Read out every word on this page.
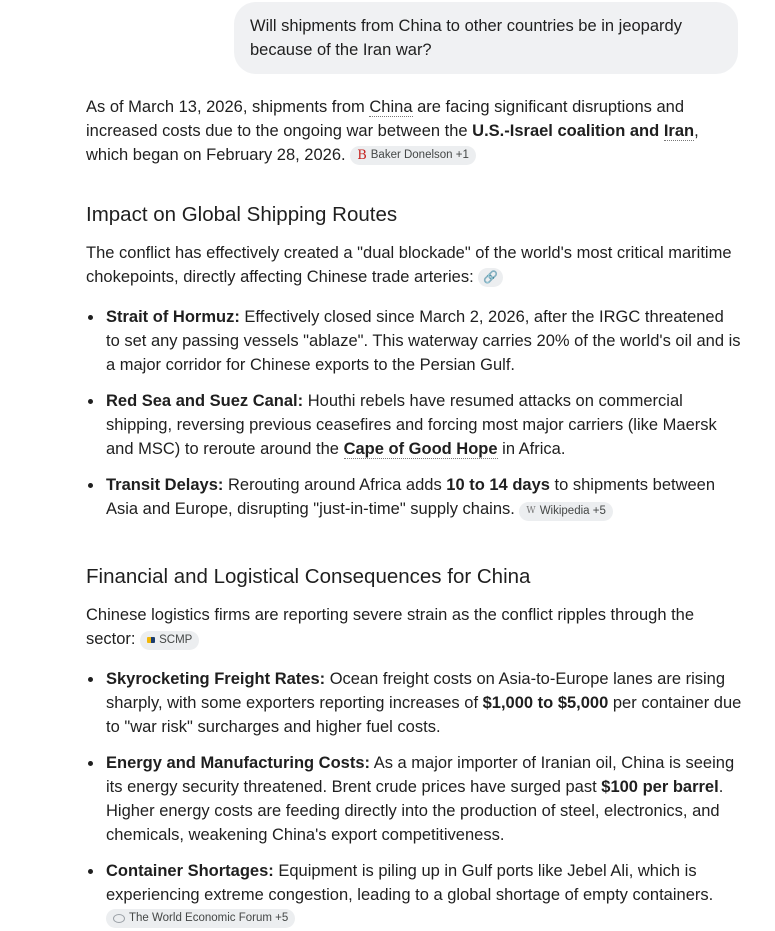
Will shipments from China to other countries be in jeopardy because of the Iran war?

As of March 13, 2026, shipments from China are facing significant disruptions and increased costs due to the ongoing war between the U.S.-Israel coalition and Iran, which began on February 28, 2026. B Baker Donelson +1

Impact on Global Shipping Routes

The conflict has effectively created a "dual blockade" of the world's most critical maritime chokepoints, directly affecting Chinese trade arteries: 🔗

Strait of Hormuz: Effectively closed since March 2, 2026, after the IRGC threatened to set any passing vessels "ablaze". This waterway carries 20% of the world's oil and is a major corridor for Chinese exports to the Persian Gulf.
Red Sea and Suez Canal: Houthi rebels have resumed attacks on commercial shipping, reversing previous ceasefires and forcing most major carriers (like Maersk and MSC) to reroute around the Cape of Good Hope in Africa.
Transit Delays: Rerouting around Africa adds 10 to 14 days to shipments between Asia and Europe, disrupting "just-in-time" supply chains. W Wikipedia +5
Financial and Logistical Consequences for China

Chinese logistics firms are reporting severe strain as the conflict ripples through the sector: SCMP

Skyrocketing Freight Rates: Ocean freight costs on Asia-to-Europe lanes are rising sharply, with some exporters reporting increases of $1,000 to $5,000 per container due to "war risk" surcharges and higher fuel costs.
Energy and Manufacturing Costs: As a major importer of Iranian oil, China is seeing its energy security threatened. Brent crude prices have surged past $100 per barrel. Higher energy costs are feeding directly into the production of steel, electronics, and chemicals, weakening China's export competitiveness.
Container Shortages: Equipment is piling up in Gulf ports like Jebel Ali, which is experiencing extreme congestion, leading to a global shortage of empty containers.
The World Economic Forum +5
